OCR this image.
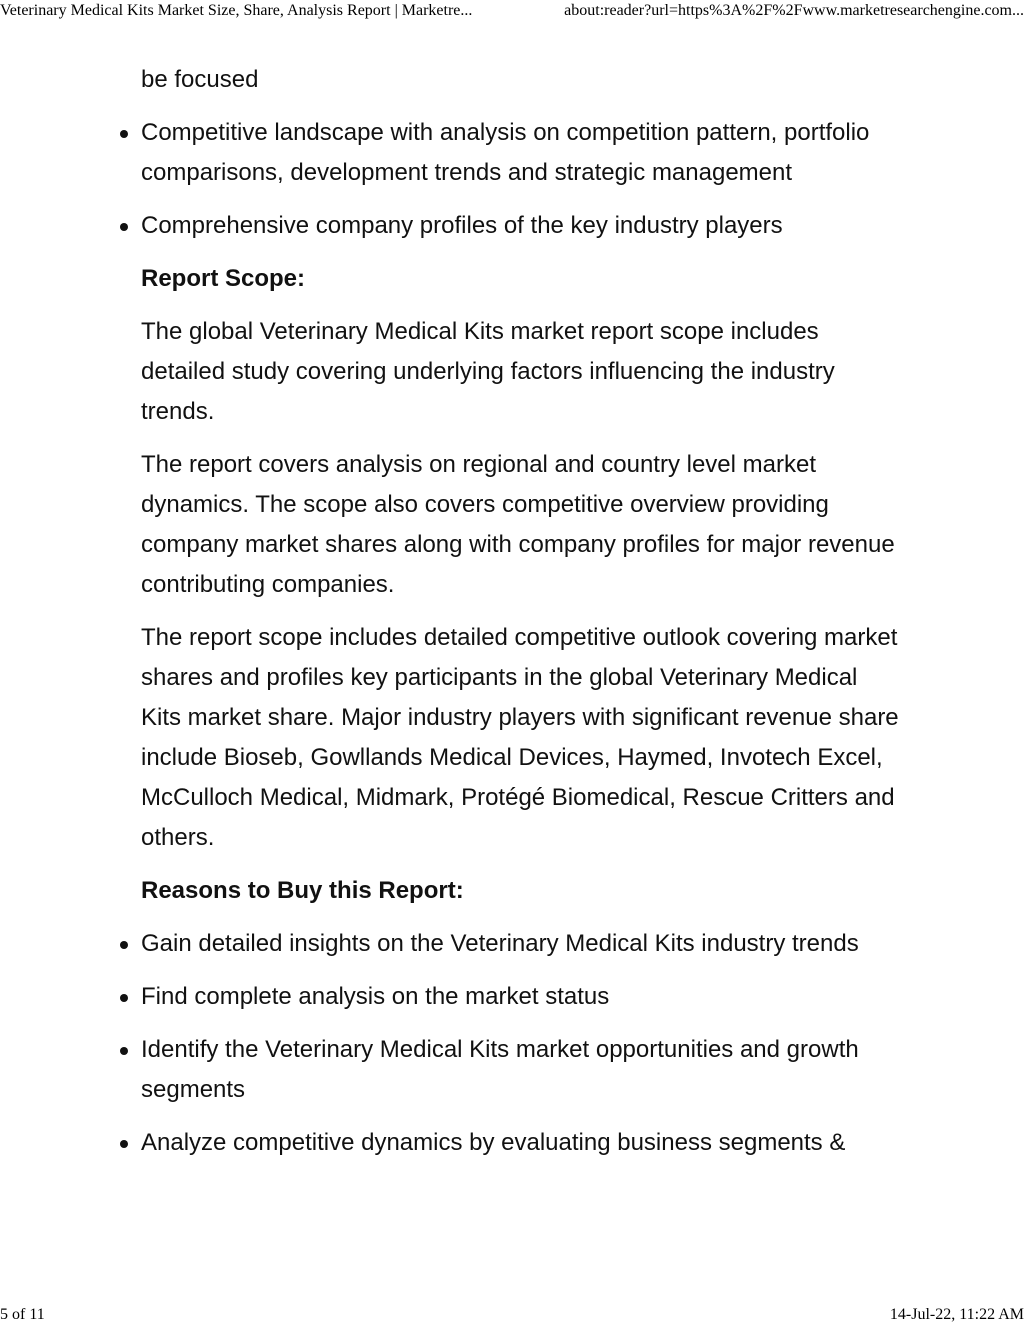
Veterinary Medical Kits Market Size, Share, Analysis Report | Marketre...	about:reader?url=https%3A%2F%2Fwww.marketresearchengine.com...

be focused

Competitive landscape with analysis on competition pattern, portfolio comparisons, development trends and strategic management
Comprehensive company profiles of the key industry players
Report Scope:

The global Veterinary Medical Kits market report scope includes detailed study covering underlying factors influencing the industry trends.

The report covers analysis on regional and country level market dynamics. The scope also covers competitive overview providing company market shares along with company profiles for major revenue contributing companies.

The report scope includes detailed competitive outlook covering market shares and profiles key participants in the global Veterinary Medical Kits market share. Major industry players with significant revenue share include Bioseb, Gowllands Medical Devices, Haymed, Invotech Excel, McCulloch Medical, Midmark, Protégé Biomedical, Rescue Critters and others.

Reasons to Buy this Report:
Gain detailed insights on the Veterinary Medical Kits industry trends
Find complete analysis on the market status
Identify the Veterinary Medical Kits market opportunities and growth segments
Analyze competitive dynamics by evaluating business segments &
5 of 11	14-Jul-22, 11:22 AM
